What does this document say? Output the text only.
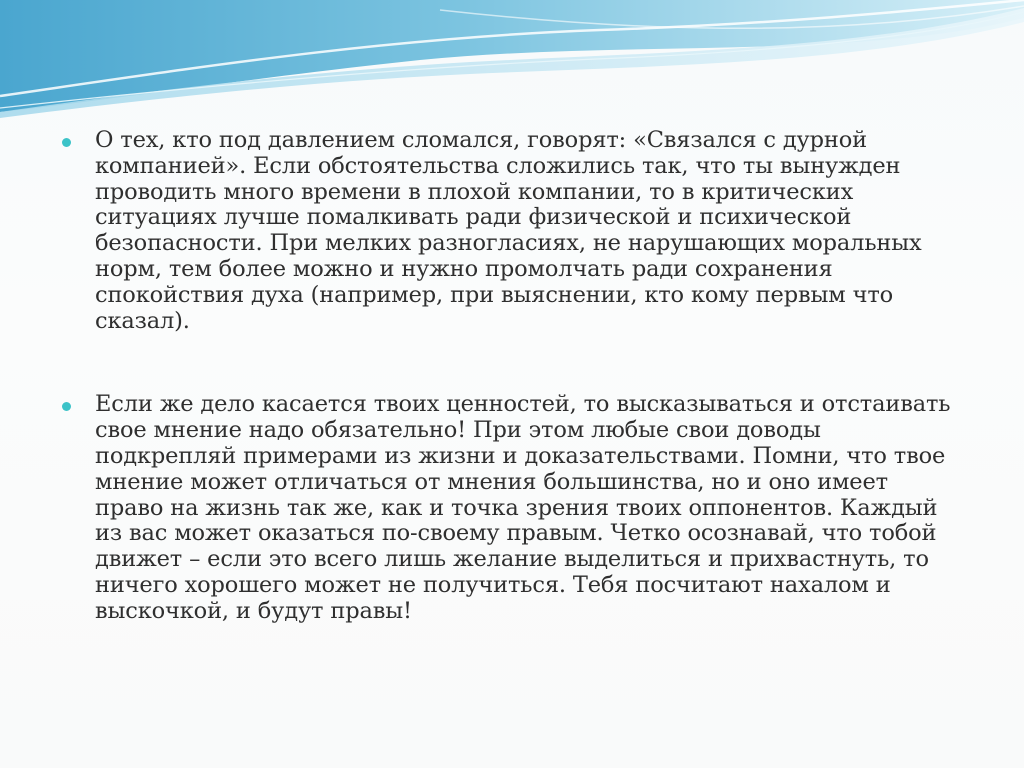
О тех, кто под давлением сломался, говорят: «Связался с дурной компанией». Если обстоятельства сложились так, что ты вынужден проводить много времени в плохой компании, то в критических ситуациях лучше помалкивать ради физической и психической безопасности. При мелких разногласиях, не нарушающих моральных норм, тем более можно и нужно промолчать ради сохранения спокойствия духа (например, при выяснении, кто кому первым что сказал).
Если же дело касается твоих ценностей, то высказываться и отстаивать свое мнение надо обязательно! При этом любые свои доводы подкрепляй примерами из жизни и доказательствами. Помни, что твое мнение может отличаться от мнения большинства, но и оно имеет право на жизнь так же, как и точка зрения твоих оппонентов. Каждый из вас может оказаться по-своему правым. Четко осознавай, что тобой движет – если это всего лишь желание выделиться и прихвастнуть, то ничего хорошего может не получиться. Тебя посчитают нахалом и выскочкой, и будут правы!
